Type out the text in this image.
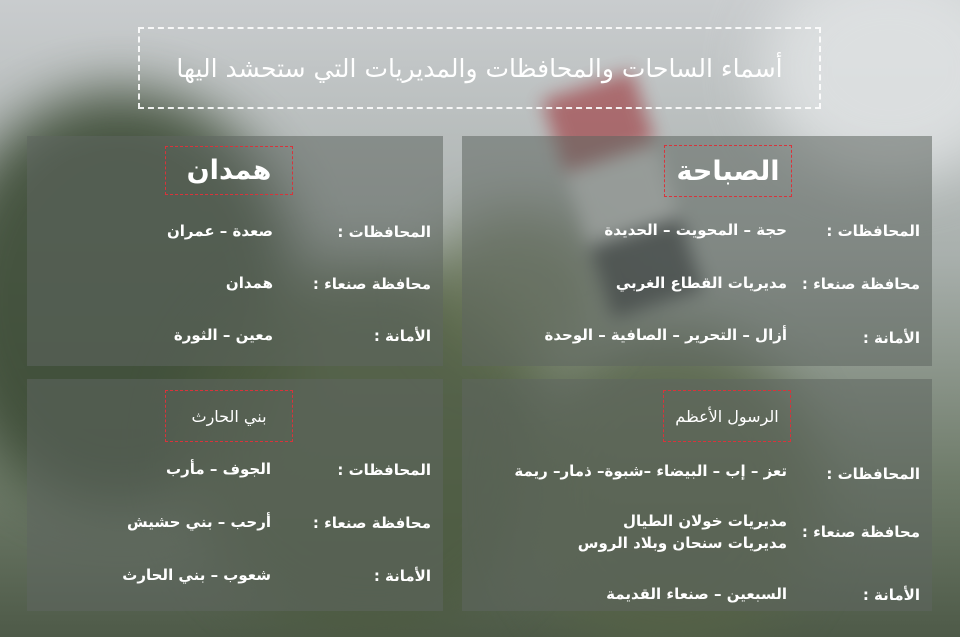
أسماء الساحات والمحافظات والمديريات التي ستحشد اليها
الصباحة
المحافظات :
حجة – المحويت – الحديدة
محافظة صنعاء :
مديريات القطاع الغربي
الأمانة :
أزال – التحرير – الصافية – الوحدة
همدان
المحافظات :
صعدة – عمران
محافظة صنعاء :
همدان
الأمانة :
معين – الثورة
الرسول الأعظم
المحافظات :
تعز – إب – البيضاء –شبوة– ذمار– ريمة
محافظة صنعاء :
مديريات خولان الطيال
مديريات سنحان وبلاد الروس
الأمانة :
السبعين – صنعاء القديمة
بني الحارث
المحافظات :
الجوف – مأرب
محافظة صنعاء :
أرحب – بني حشيش
الأمانة :
شعوب – بني الحارث
